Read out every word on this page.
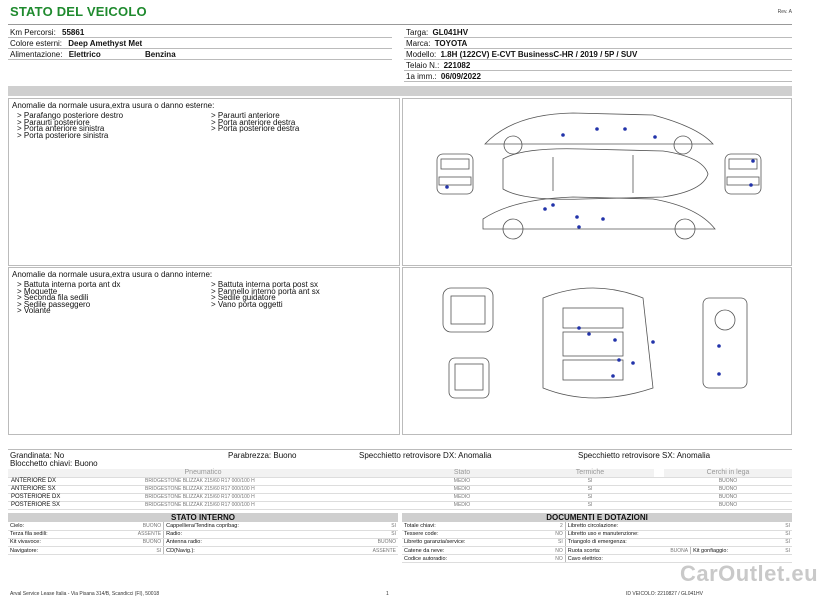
STATO DEL VEICOLO	Rev. A
Km Percorsi: 55861
Colore esterni: Deep Amethyst Met
Alimentazione: Elettrico	Benzina
Targa: GL041HV
Marca: TOYOTA
Modello: 1.8H (122CV) E-CVT BusinessC-HR / 2019 / 5P / SUV
Telaio N.: 221082
1a imm.: 06/09/2022
Anomalie da normale usura,extra usura o danno esterne:
> Parafango posteriore destro
> Paraurti posteriore
> Porta anteriore sinistra
> Porta posteriore sinistra
> Paraurti anteriore
> Porta anteriore destra
> Porta posteriore destra
Anomalie da normale usura,extra usura o danno interne:
> Battuta interna porta ant dx
> Moquette
> Seconda fila sedili
> Sedile passeggero
> Volante
> Battuta interna porta post sx
> Pannello interno porta ant sx
> Sedile guidatore
> Vano porta oggetti
Grandinata: No	Parabrezza: Buono	Specchietto retrovisore DX: Anomalia	Specchietto retrovisore SX: Anomalia
Blocchetto chiavi: Buono
Pneumatico		Stato	Termiche		Cerchi in lega
ANTERIORE DX	BRIDGESTONE BLIZZAK 215/60 R17 000/100 H	MEDIO	SI		BUONO
ANTERIORE SX	BRIDGESTONE BLIZZAK 215/60 R17 000/100 H	MEDIO	SI		BUONO
POSTERIORE DX	BRIDGESTONE BLIZZAK 215/60 R17 000/100 H	MEDIO	SI		BUONO
POSTERIORE SX	BRIDGESTONE BLIZZAK 215/60 R17 000/100 H	MEDIO	SI		BUONO
STATO INTERNO
Cielo:	BUONO	Cappelliera/Tendina copribag:	SI
Terza fila sedili:	ASSENTE	Radio:	SI
Kit vivavoce:	BUONO	Antenna radio:	BUONO
Navigatore:	SI	CD(Navig.):	ASSENTE
DOCUMENTI E DOTAZIONI
Totale chiavi:	2	Libretto circolazione:			SI
Tessere code:	NO	Libretto uso e manutenzione:			SI
Libretto garanzia/service:	SI	Triangolo di emergenza:			SI
Catene da neve:	NO	Ruota scorta:	BUONA	Kit gonfiaggio:	SI
Codice autoradio:	NO	Cavo elettrico:			
CarOutlet.eu
Arval Service Lease Italia - Via Pisana 314/B, Scandicci (FI), 50018	1	ID VEICOLO: 2210827 / GL041HV
